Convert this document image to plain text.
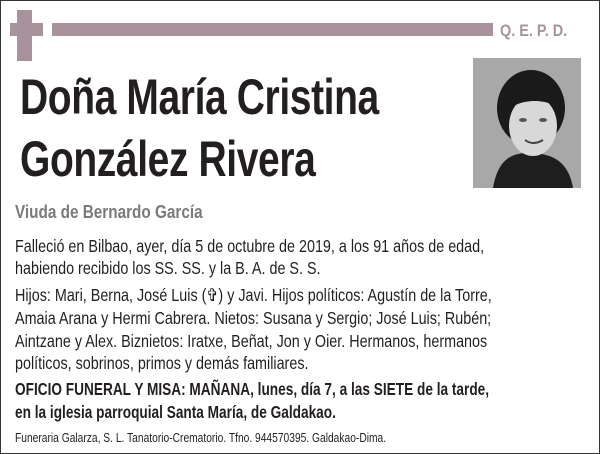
Q. E. P. D.
Doña María Cristina
González Rivera
Viuda de Bernardo García
Falleció en Bilbao, ayer, día 5 de octubre de 2019, a los 91 años de edad,
habiendo recibido los SS. SS. y la B. A. de S. S.
Hijos: Mari, Berna, José Luis (✞) y Javi. Hijos políticos: Agustín de la Torre,
Amaia Arana y Hermi Cabrera. Nietos: Susana y Sergio; José Luis; Rubén;
Aintzane y Alex. Biznietos: Iratxe, Beñat, Jon y Oier. Hermanos, hermanos
políticos, sobrinos, primos y demás familiares.
OFICIO FUNERAL Y MISA: MAÑANA, lunes, día 7, a las SIETE de la tarde,
en la iglesia parroquial Santa María, de Galdakao.
Funeraria Galarza, S. L. Tanatorio-Crematorio. Tfno. 944570395. Galdakao-Dima.
